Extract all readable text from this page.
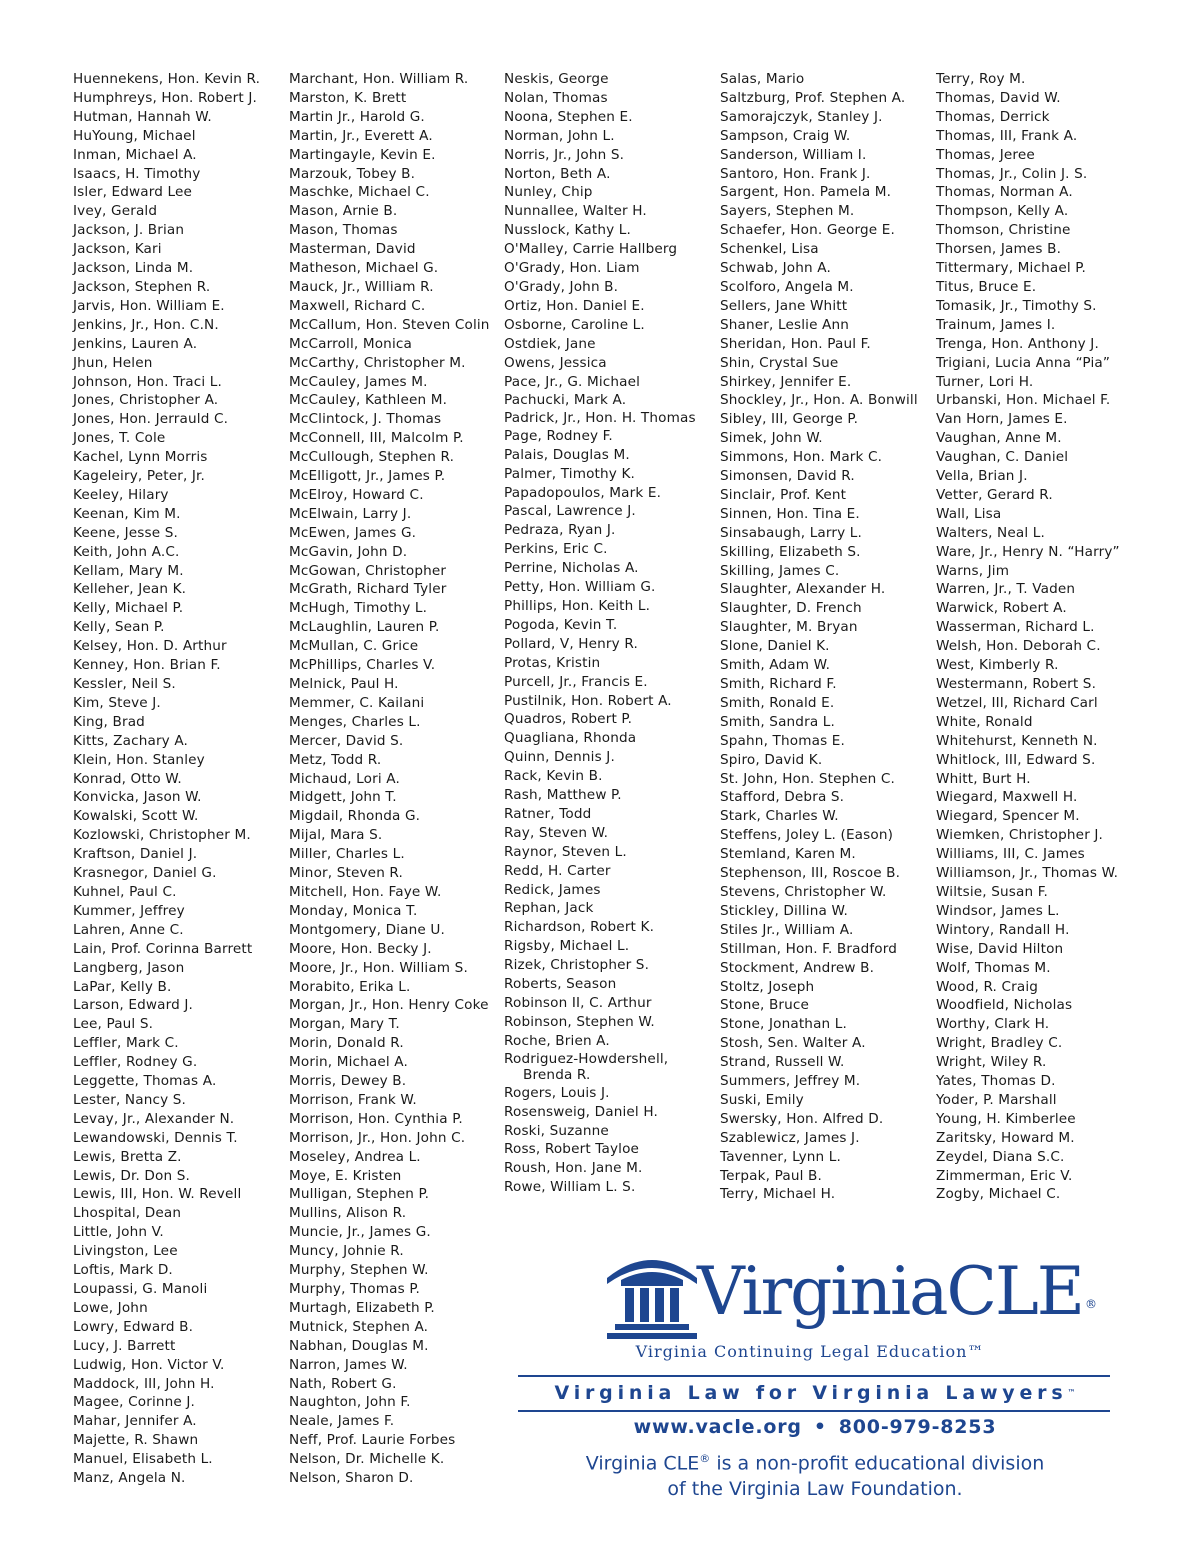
Huennekens, Hon. Kevin R.
Humphreys, Hon. Robert J.
Hutman, Hannah W.
HuYoung, Michael
Inman, Michael A.
Isaacs, H. Timothy
Isler, Edward Lee
Ivey, Gerald
Jackson, J. Brian
Jackson, Kari
Jackson, Linda M.
Jackson, Stephen R.
Jarvis, Hon. William E.
Jenkins, Jr., Hon. C.N.
Jenkins, Lauren A.
Jhun, Helen
Johnson, Hon. Traci L.
Jones, Christopher A.
Jones, Hon. Jerrauld C.
Jones, T. Cole
Kachel, Lynn Morris
Kageleiry, Peter, Jr.
Keeley, Hilary
Keenan, Kim M.
Keene, Jesse S.
Keith, John A.C.
Kellam, Mary M.
Kelleher, Jean K.
Kelly, Michael P.
Kelly, Sean P.
Kelsey, Hon. D. Arthur
Kenney, Hon. Brian F.
Kessler, Neil S.
Kim, Steve J.
King, Brad
Kitts, Zachary A.
Klein, Hon. Stanley
Konrad, Otto W.
Konvicka, Jason W.
Kowalski, Scott W.
Kozlowski, Christopher M.
Kraftson, Daniel J.
Krasnegor, Daniel G.
Kuhnel, Paul C.
Kummer, Jeffrey
Lahren, Anne C.
Lain, Prof. Corinna Barrett
Langberg, Jason
LaPar, Kelly B.
Larson, Edward J.
Lee, Paul S.
Leffler, Mark C.
Leffler, Rodney G.
Leggette, Thomas A.
Lester, Nancy S.
Levay, Jr., Alexander N.
Lewandowski, Dennis T.
Lewis, Bretta Z.
Lewis, Dr. Don S.
Lewis, III, Hon. W. Revell
Lhospital, Dean
Little, John V.
Livingston, Lee
Loftis, Mark D.
Loupassi, G. Manoli
Lowe, John
Lowry, Edward B.
Lucy, J. Barrett
Ludwig, Hon. Victor V.
Maddock, III, John H.
Magee, Corinne J.
Mahar, Jennifer A.
Majette, R. Shawn
Manuel, Elisabeth L.
Manz, Angela N.
Marchant, Hon. William R.
Marston, K. Brett
Martin Jr., Harold G.
Martin, Jr., Everett A.
Martingayle, Kevin E.
Marzouk, Tobey B.
Maschke, Michael C.
Mason, Arnie B.
Mason, Thomas
Masterman, David
Matheson, Michael G.
Mauck, Jr., William R.
Maxwell, Richard C.
McCallum, Hon. Steven Colin
McCarroll, Monica
McCarthy, Christopher M.
McCauley, James M.
McCauley, Kathleen M.
McClintock, J. Thomas
McConnell, III, Malcolm P.
McCullough, Stephen R.
McElligott, Jr., James P.
McElroy, Howard C.
McElwain, Larry J.
McEwen, James G.
McGavin, John D.
McGowan, Christopher
McGrath, Richard Tyler
McHugh, Timothy L.
McLaughlin, Lauren P.
McMullan, C. Grice
McPhillips, Charles V.
Melnick, Paul H.
Memmer, C. Kailani
Menges, Charles L.
Mercer, David S.
Metz, Todd R.
Michaud, Lori A.
Midgett, John T.
Migdail, Rhonda G.
Mijal, Mara S.
Miller, Charles L.
Minor, Steven R.
Mitchell, Hon. Faye W.
Monday, Monica T.
Montgomery, Diane U.
Moore, Hon. Becky J.
Moore, Jr., Hon. William S.
Morabito, Erika L.
Morgan, Jr., Hon. Henry Coke
Morgan, Mary T.
Morin, Donald R.
Morin, Michael A.
Morris, Dewey B.
Morrison, Frank W.
Morrison, Hon. Cynthia P.
Morrison, Jr., Hon. John C.
Moseley, Andrea L.
Moye, E. Kristen
Mulligan, Stephen P.
Mullins, Alison R.
Muncie, Jr., James G.
Muncy, Johnie R.
Murphy, Stephen W.
Murphy, Thomas P.
Murtagh, Elizabeth P.
Mutnick, Stephen A.
Nabhan, Douglas M.
Narron, James W.
Nath, Robert G.
Naughton, John F.
Neale, James F.
Neff, Prof. Laurie Forbes
Nelson, Dr. Michelle K.
Nelson, Sharon D.
Neskis, George
Nolan, Thomas
Noona, Stephen E.
Norman, John L.
Norris, Jr., John S.
Norton, Beth A.
Nunley, Chip
Nunnallee, Walter H.
Nusslock, Kathy L.
O'Malley, Carrie Hallberg
O'Grady, Hon. Liam
O'Grady, John B.
Ortiz, Hon. Daniel E.
Osborne, Caroline L.
Ostdiek, Jane
Owens, Jessica
Pace, Jr., G. Michael
Pachucki, Mark A.
Padrick, Jr., Hon. H. Thomas
Page, Rodney F.
Palais, Douglas M.
Palmer, Timothy K.
Papadopoulos, Mark E.
Pascal, Lawrence J.
Pedraza, Ryan J.
Perkins, Eric C.
Perrine, Nicholas A.
Petty, Hon. William G.
Phillips, Hon. Keith L.
Pogoda, Kevin T.
Pollard, V, Henry R.
Protas, Kristin
Purcell, Jr., Francis E.
Pustilnik, Hon. Robert A.
Quadros, Robert P.
Quagliana, Rhonda
Quinn, Dennis J.
Rack, Kevin B.
Rash, Matthew P.
Ratner, Todd
Ray, Steven W.
Raynor, Steven L.
Redd, H. Carter
Redick, James
Rephan, Jack
Richardson, Robert K.
Rigsby, Michael L.
Rizek, Christopher S.
Roberts, Season
Robinson II, C. Arthur
Robinson, Stephen W.
Roche, Brien A.
Rodriguez-Howdershell, Brenda R.
Rogers, Louis J.
Rosensweig, Daniel H.
Roski, Suzanne
Ross, Robert Tayloe
Roush, Hon. Jane M.
Rowe, William L. S.
Salas, Mario
Saltzburg, Prof. Stephen A.
Samorajczyk, Stanley J.
Sampson, Craig W.
Sanderson, William I.
Santoro, Hon. Frank J.
Sargent, Hon. Pamela M.
Sayers, Stephen M.
Schaefer, Hon. George E.
Schenkel, Lisa
Schwab, John A.
Scolforo, Angela M.
Sellers, Jane Whitt
Shaner, Leslie Ann
Sheridan, Hon. Paul F.
Shin, Crystal Sue
Shirkey, Jennifer E.
Shockley, Jr., Hon. A. Bonwill
Sibley, III, George P.
Simek, John W.
Simmons, Hon. Mark C.
Simonsen, David R.
Sinclair, Prof. Kent
Sinnen, Hon. Tina E.
Sinsabaugh, Larry L.
Skilling, Elizabeth S.
Skilling, James C.
Slaughter, Alexander H.
Slaughter, D. French
Slaughter, M. Bryan
Slone, Daniel K.
Smith, Adam W.
Smith, Richard F.
Smith, Ronald E.
Smith, Sandra L.
Spahn, Thomas E.
Spiro, David K.
St. John, Hon. Stephen C.
Stafford, Debra S.
Stark, Charles W.
Steffens, Joley L. (Eason)
Stemland, Karen M.
Stephenson, III, Roscoe B.
Stevens, Christopher W.
Stickley, Dillina W.
Stiles Jr., William A.
Stillman, Hon. F. Bradford
Stockment, Andrew B.
Stoltz, Joseph
Stone, Bruce
Stone, Jonathan L.
Stosh, Sen. Walter A.
Strand, Russell W.
Summers, Jeffrey M.
Suski, Emily
Swersky, Hon. Alfred D.
Szablewicz, James J.
Tavenner, Lynn L.
Terpak, Paul B.
Terry, Michael H.
Terry, Roy M.
Thomas, David W.
Thomas, Derrick
Thomas, III, Frank A.
Thomas, Jeree
Thomas, Jr., Colin J. S.
Thomas, Norman A.
Thompson, Kelly A.
Thomson, Christine
Thorsen, James B.
Tittermary, Michael P.
Titus, Bruce E.
Tomasik, Jr., Timothy S.
Trainum, James I.
Trenga, Hon. Anthony J.
Trigiani, Lucia Anna “Pia”
Turner, Lori H.
Urbanski, Hon. Michael F.
Van Horn, James E.
Vaughan, Anne M.
Vaughan, C. Daniel
Vella, Brian J.
Vetter, Gerard R.
Wall, Lisa
Walters, Neal L.
Ware, Jr., Henry N. “Harry”
Warns, Jim
Warren, Jr., T. Vaden
Warwick, Robert A.
Wasserman, Richard L.
Welsh, Hon. Deborah C.
West, Kimberly R.
Westermann, Robert S.
Wetzel, III, Richard Carl
White, Ronald
Whitehurst, Kenneth N.
Whitlock, III, Edward S.
Whitt, Burt H.
Wiegard, Maxwell H.
Wiegard, Spencer M.
Wiemken, Christopher J.
Williams, III, C. James
Williamson, Jr., Thomas W.
Wiltsie, Susan F.
Windsor, James L.
Wintory, Randall H.
Wise, David Hilton
Wolf, Thomas M.
Wood, R. Craig
Woodfield, Nicholas
Worthy, Clark H.
Wright, Bradley C.
Wright, Wiley R.
Yates, Thomas D.
Yoder, P. Marshall
Young, H. Kimberlee
Zaritsky, Howard M.
Zeydel, Diana S.C.
Zimmerman, Eric V.
Zogby, Michael C.
VirginiaCLE ®
Virginia Continuing Legal Education™
Virginia Law for Virginia Lawyers™
www.vacle.org • 800-979-8253
Virginia CLE® is a non-profit educational division
of the Virginia Law Foundation.
